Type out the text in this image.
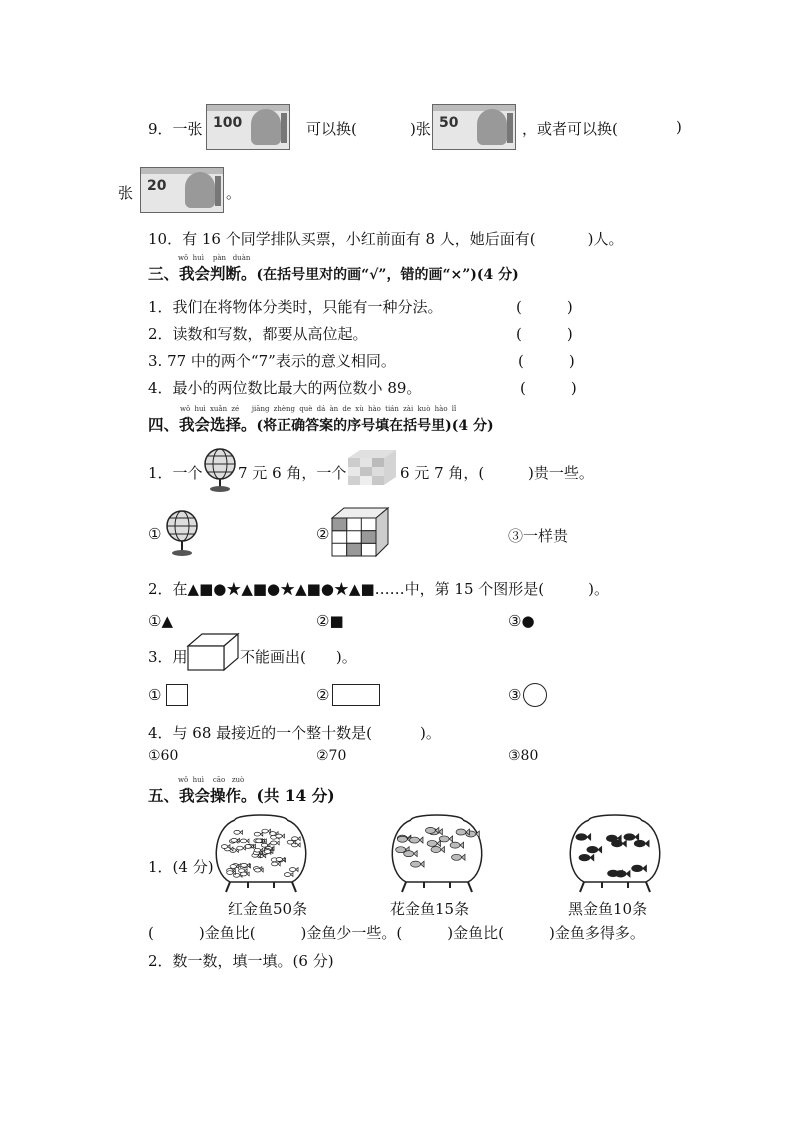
9．一张 100	可以换(	)张 50	，或者可以换(	)
张 20	。
10．有 16 个同学排队买票，小红前面有 8 人，她后面有(	)人。
三、我会判断。(在括号里对的画“√”，错的画“×”)(4 分)
wǒ huì pàn duàn
1．我们在将物体分类时，只能有一种分法。	(　　　)
2．读数和写数，都要从高位起。	(　　　)
3. 77 中的两个“7”表示的意义相同。	(　　　)
4．最小的两位数比最大的两位数小 89。	(　　　)
四、我会选择。(将正确答案的序号填在括号里)(4 分)
wǒ huì xuǎn zé jiāng zhèng què dá àn de xù hào tián zài kuò hào lǐ
1．一个 7 元 6 角，一个	6 元 7 角，(	)贵一些。
①	②	③一样贵
2．在▲■●★▲■●★▲■●★▲■……中，第 15 个图形是(	)。
①▲	②■	③●
3．用	不能画出( )。
①	②	③
4．与 68 最接近的一个整十数是(	)。
①60	②70	③80
五、我会操作。(共 14 分)
wǒ huì cāo zuò
1．(4 分)
红金鱼50条	花金鱼15条	黑金鱼10条
(　　　)金鱼比(　　　)金鱼少一些。(　　　)金鱼比(　　　)金鱼多得多。
2．数一数，填一填。(6 分)
